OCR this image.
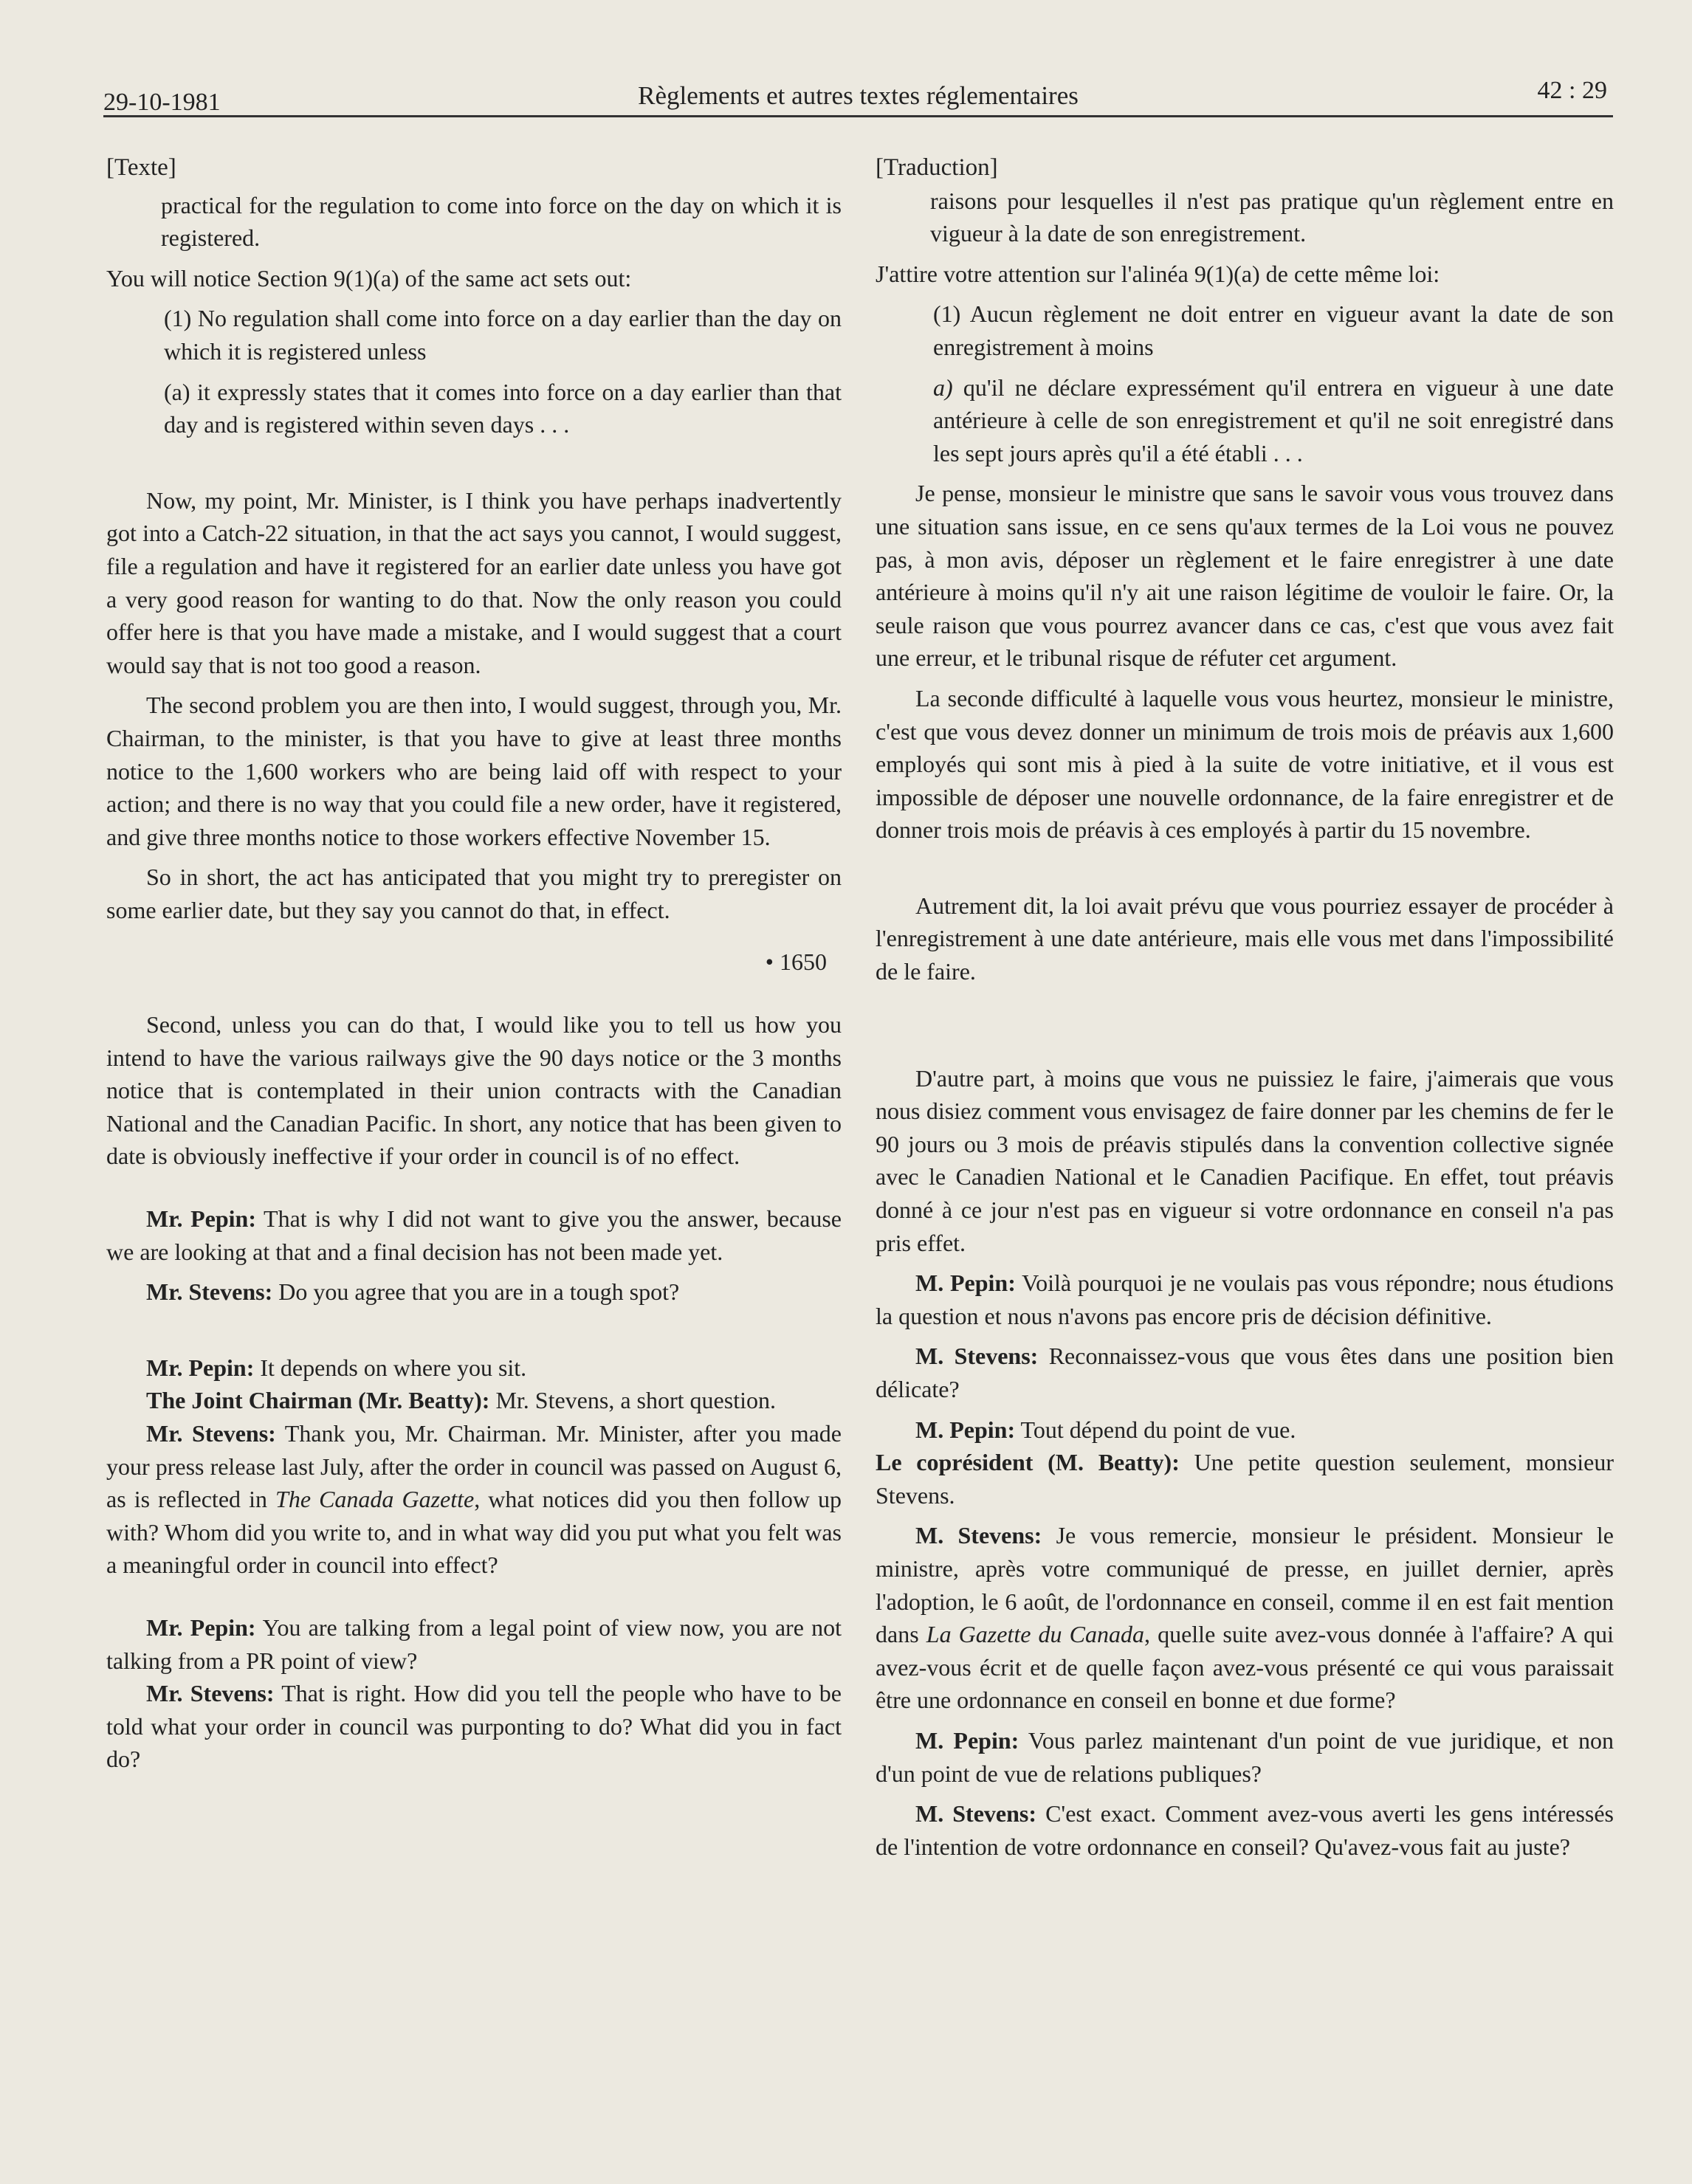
29-10-1981	Règlements et autres textes réglementaires	42 : 29

[Texte]

practical for the regulation to come into force on the day on which it is registered.

You will notice Section 9(1)(a) of the same act sets out:

(1) No regulation shall come into force on a day earlier than the day on which it is registered unless

(a) it expressly states that it comes into force on a day earlier than that day and is registered within seven days . . .

Now, my point, Mr. Minister, is I think you have perhaps inadvertently got into a Catch-22 situation, in that the act says you cannot, I would suggest, file a regulation and have it registered for an earlier date unless you have got a very good reason for wanting to do that. Now the only reason you could offer here is that you have made a mistake, and I would suggest that a court would say that is not too good a reason.

The second problem you are then into, I would suggest, through you, Mr. Chairman, to the minister, is that you have to give at least three months notice to the 1,600 workers who are being laid off with respect to your action; and there is no way that you could file a new order, have it registered, and give three months notice to those workers effective November 15.

So in short, the act has anticipated that you might try to preregister on some earlier date, but they say you cannot do that, in effect.

• 1650

Second, unless you can do that, I would like you to tell us how you intend to have the various railways give the 90 days notice or the 3 months notice that is contemplated in their union contracts with the Canadian National and the Canadian Pacific. In short, any notice that has been given to date is obviously ineffective if your order in council is of no effect.

Mr. Pepin: That is why I did not want to give you the answer, because we are looking at that and a final decision has not been made yet.

Mr. Stevens: Do you agree that you are in a tough spot?

Mr. Pepin: It depends on where you sit.

The Joint Chairman (Mr. Beatty): Mr. Stevens, a short question.

Mr. Stevens: Thank you, Mr. Chairman. Mr. Minister, after you made your press release last July, after the order in council was passed on August 6, as is reflected in The Canada Gazette, what notices did you then follow up with? Whom did you write to, and in what way did you put what you felt was a meaningful order in council into effect?

Mr. Pepin: You are talking from a legal point of view now, you are not talking from a PR point of view?

Mr. Stevens: That is right. How did you tell the people who have to be told what your order in council was purponting to do? What did you in fact do?

[Traduction]

raisons pour lesquelles il n'est pas pratique qu'un règlement entre en vigueur à la date de son enregistrement.

J'attire votre attention sur l'alinéa 9(1)(a) de cette même loi:

(1) Aucun règlement ne doit entrer en vigueur avant la date de son enregistrement à moins

a) qu'il ne déclare expressément qu'il entrera en vigueur à une date antérieure à celle de son enregistrement et qu'il ne soit enregistré dans les sept jours après qu'il a été établi . . .

Je pense, monsieur le ministre que sans le savoir vous vous trouvez dans une situation sans issue, en ce sens qu'aux termes de la Loi vous ne pouvez pas, à mon avis, déposer un règlement et le faire enregistrer à une date antérieure à moins qu'il n'y ait une raison légitime de vouloir le faire. Or, la seule raison que vous pourrez avancer dans ce cas, c'est que vous avez fait une erreur, et le tribunal risque de réfuter cet argument.

La seconde difficulté à laquelle vous vous heurtez, monsieur le ministre, c'est que vous devez donner un minimum de trois mois de préavis aux 1,600 employés qui sont mis à pied à la suite de votre initiative, et il vous est impossible de déposer une nouvelle ordonnance, de la faire enregistrer et de donner trois mois de préavis à ces employés à partir du 15 novembre.

Autrement dit, la loi avait prévu que vous pourriez essayer de procéder à l'enregistrement à une date antérieure, mais elle vous met dans l'impossibilité de le faire.

D'autre part, à moins que vous ne puissiez le faire, j'aimerais que vous nous disiez comment vous envisagez de faire donner par les chemins de fer le 90 jours ou 3 mois de préavis stipulés dans la convention collective signée avec le Canadien National et le Canadien Pacifique. En effet, tout préavis donné à ce jour n'est pas en vigueur si votre ordonnance en conseil n'a pas pris effet.

M. Pepin: Voilà pourquoi je ne voulais pas vous répondre; nous étudions la question et nous n'avons pas encore pris de décision définitive.

M. Stevens: Reconnaissez-vous que vous êtes dans une position bien délicate?

M. Pepin: Tout dépend du point de vue.

Le coprésident (M. Beatty): Une petite question seulement, monsieur Stevens.

M. Stevens: Je vous remercie, monsieur le président. Monsieur le ministre, après votre communiqué de presse, en juillet dernier, après l'adoption, le 6 août, de l'ordonnance en conseil, comme il en est fait mention dans La Gazette du Canada, quelle suite avez-vous donnée à l'affaire? A qui avez-vous écrit et de quelle façon avez-vous présenté ce qui vous paraissait être une ordonnance en conseil en bonne et due forme?

M. Pepin: Vous parlez maintenant d'un point de vue juridique, et non d'un point de vue de relations publiques?

M. Stevens: C'est exact. Comment avez-vous averti les gens intéressés de l'intention de votre ordonnance en conseil? Qu'avez-vous fait au juste?
